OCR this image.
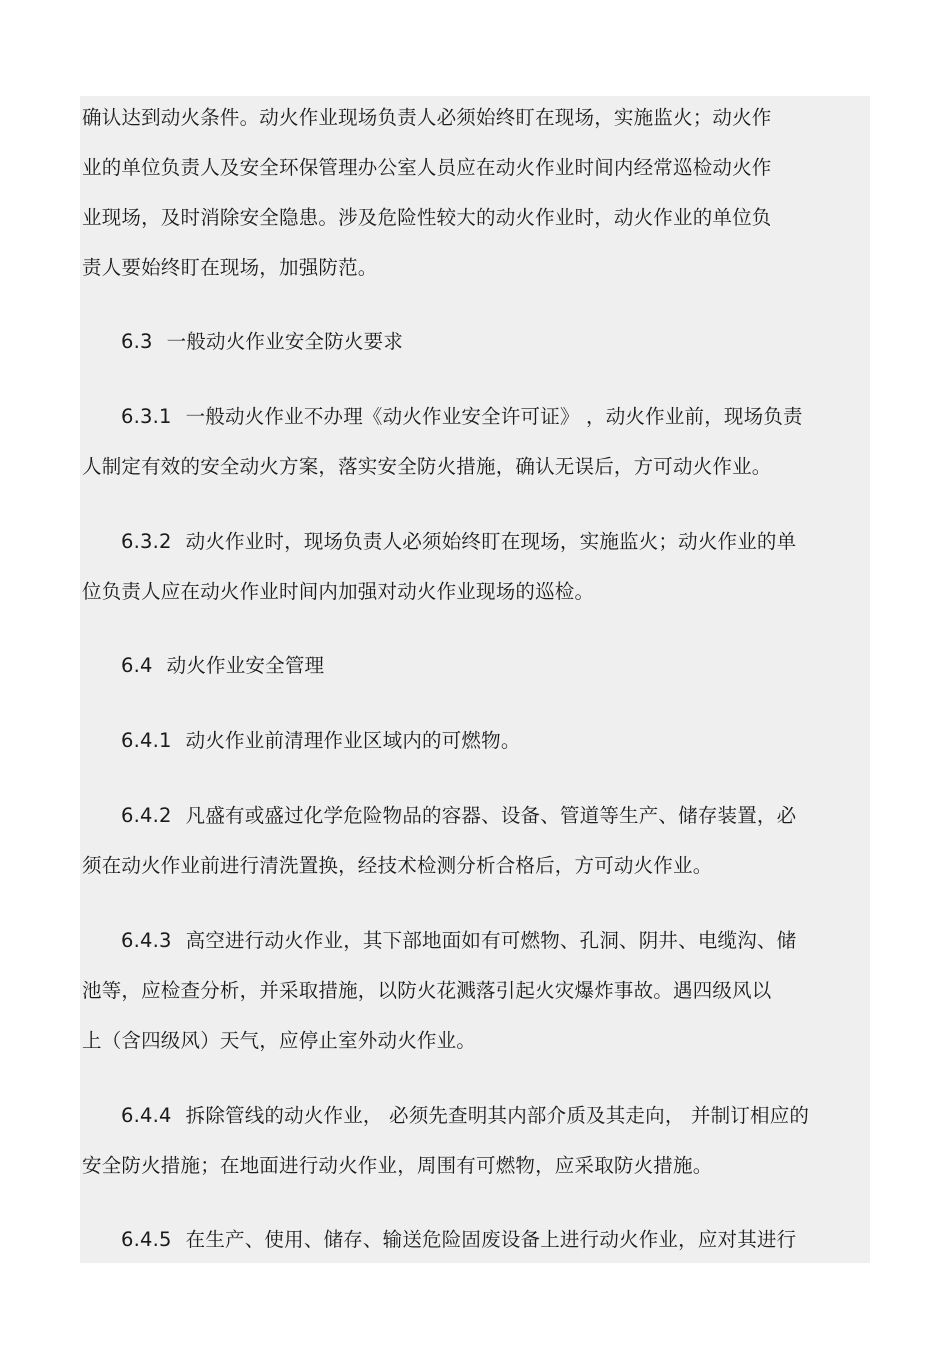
确认达到动火条件。动火作业现场负责人必须始终盯在现场，实施监火；动火作
业的单位负责人及安全环保管理办公室人员应在动火作业时间内经常巡检动火作
业现场，及时消除安全隐患。涉及危险性较大的动火作业时，动火作业的单位负
责人要始终盯在现场，加强防范。
6.3 一般动火作业安全防火要求
6.3.1 一般动火作业不办理《动火作业安全许可证》 ，动火作业前，现场负责
人制定有效的安全动火方案，落实安全防火措施，确认无误后，方可动火作业。
6.3.2 动火作业时，现场负责人必须始终盯在现场，实施监火；动火作业的单
位负责人应在动火作业时间内加强对动火作业现场的巡检。
6.4 动火作业安全管理
6.4.1 动火作业前清理作业区域内的可燃物。
6.4.2 凡盛有或盛过化学危险物品的容器、设备、管道等生产、储存装置，必
须在动火作业前进行清洗置换，经技术检测分析合格后，方可动火作业。
6.4.3 高空进行动火作业，其下部地面如有可燃物、孔洞、阴井、电缆沟、储
池等，应检查分析，并采取措施，以防火花溅落引起火灾爆炸事故。遇四级风以
上（含四级风）天气，应停止室外动火作业。
6.4.4 拆除管线的动火作业， 必须先查明其内部介质及其走向， 并制订相应的
安全防火措施；在地面进行动火作业，周围有可燃物，应采取防火措施。
6.4.5 在生产、使用、储存、输送危险固废设备上进行动火作业，应对其进行
